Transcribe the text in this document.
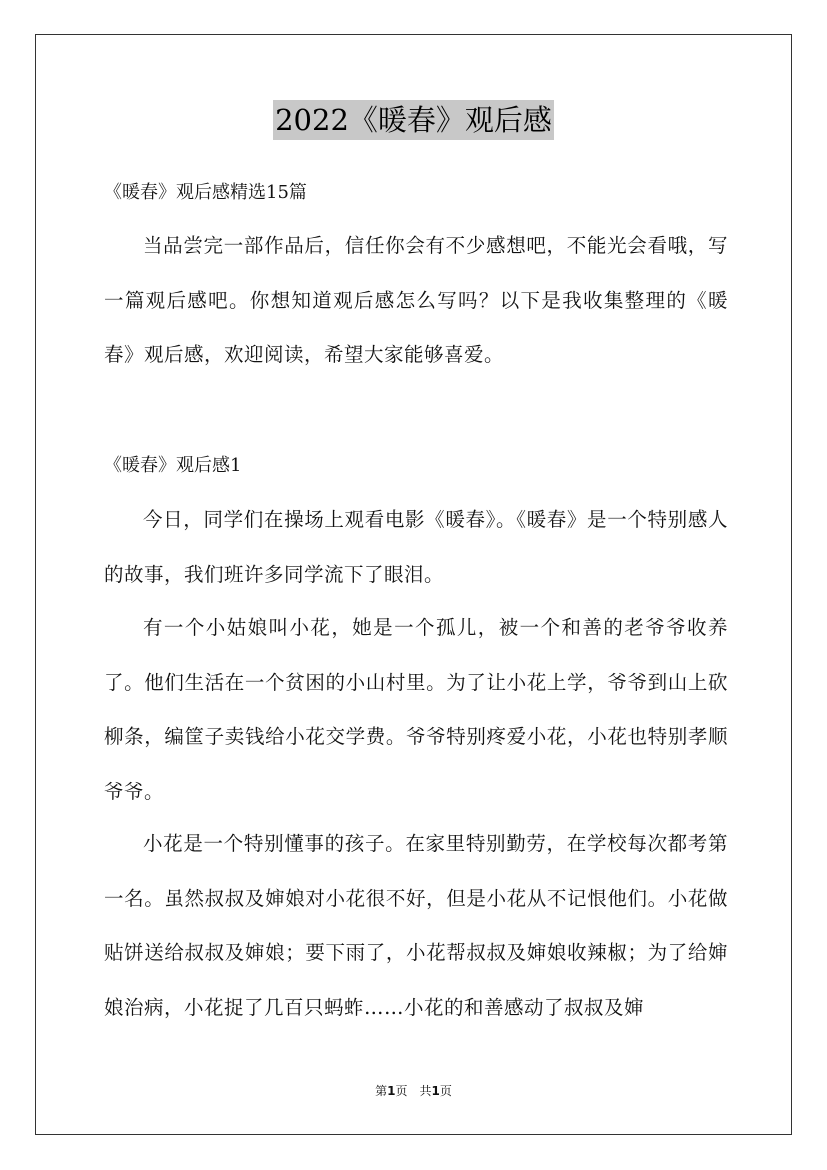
2022《暖春》观后感
《暖春》观后感精选15篇

当品尝完一部作品后，信任你会有不少感想吧，不能光会看哦，写一篇观后感吧。你想知道观后感怎么写吗？以下是我收集整理的《暖春》观后感，欢迎阅读，希望大家能够喜爱。

《暖春》观后感1

今日，同学们在操场上观看电影《暖春》。《暖春》是一个特别感人的故事，我们班许多同学流下了眼泪。

有一个小姑娘叫小花，她是一个孤儿，被一个和善的老爷爷收养了。他们生活在一个贫困的小山村里。为了让小花上学，爷爷到山上砍柳条，编筐子卖钱给小花交学费。爷爷特别疼爱小花，小花也特别孝顺爷爷。

小花是一个特别懂事的孩子。在家里特别勤劳，在学校每次都考第一名。虽然叔叔及婶娘对小花很不好，但是小花从不记恨他们。小花做贴饼送给叔叔及婶娘；要下雨了，小花帮叔叔及婶娘收辣椒；为了给婶娘治病，小花捉了几百只蚂蚱……小花的和善感动了叔叔及婶

第1页　共1页
